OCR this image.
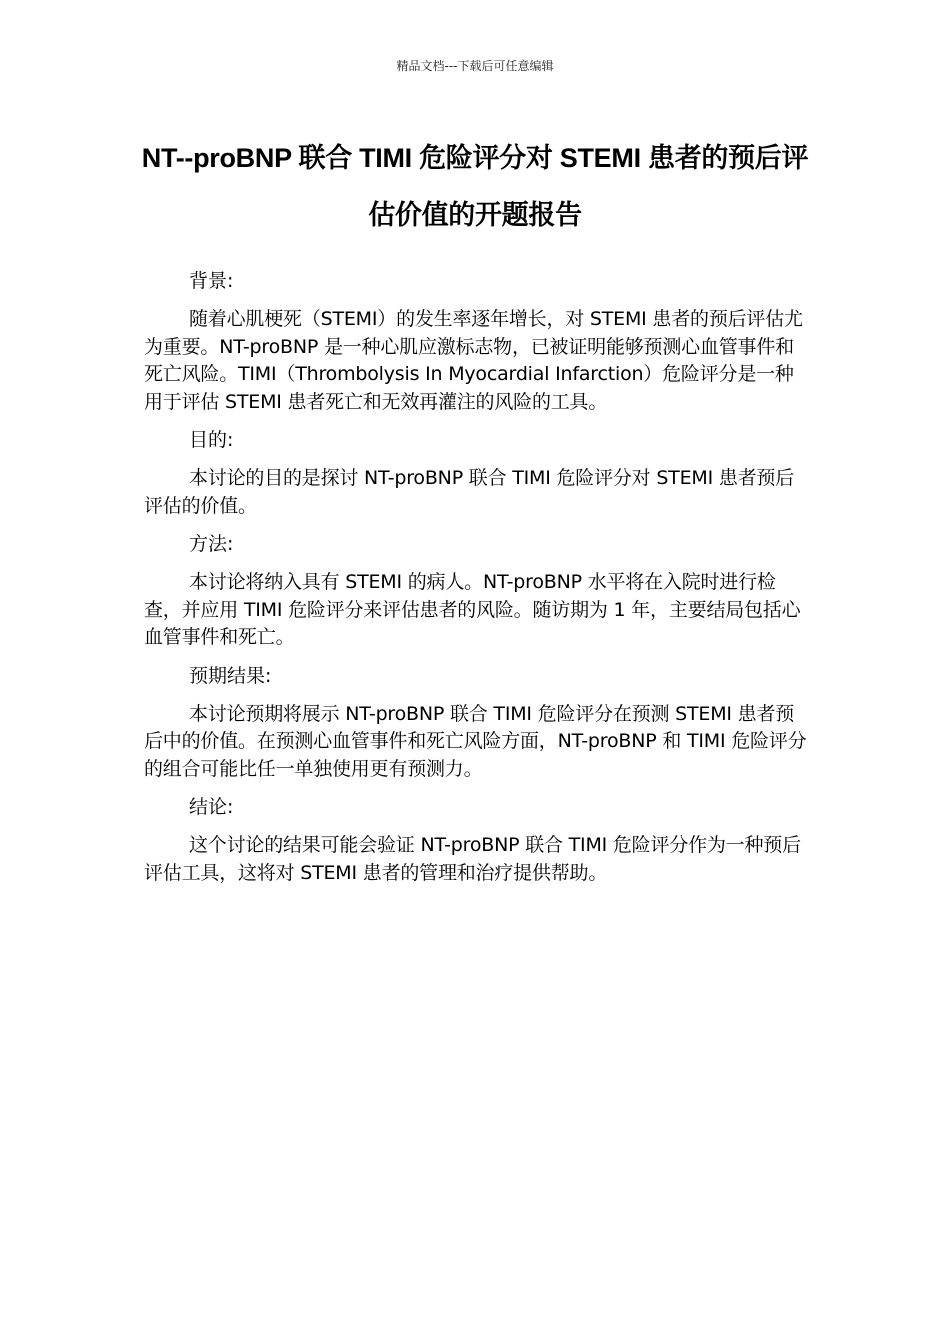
精品文档---下载后可任意编辑
NT--proBNP 联合 TIMI 危险评分对 STEMI 患者的预后评估价值的开题报告

背景:

随着心肌梗死（STEMI）的发生率逐年增长，对 STEMI 患者的预后评估尤为重要。NT-proBNP 是一种心肌应激标志物，已被证明能够预测心血管事件和死亡风险。TIMI（Thrombolysis In Myocardial Infarction）危险评分是一种用于评估 STEMI 患者死亡和无效再灌注的风险的工具。

目的:

本讨论的目的是探讨 NT-proBNP 联合 TIMI 危险评分对 STEMI 患者预后评估的价值。

方法:

本讨论将纳入具有 STEMI 的病人。NT-proBNP 水平将在入院时进行检查，并应用 TIMI 危险评分来评估患者的风险。随访期为 1 年，主要结局包括心血管事件和死亡。

预期结果:

本讨论预期将展示 NT-proBNP 联合 TIMI 危险评分在预测 STEMI 患者预后中的价值。在预测心血管事件和死亡风险方面，NT-proBNP 和 TIMI 危险评分的组合可能比任一单独使用更有预测力。

结论:

这个讨论的结果可能会验证 NT-proBNP 联合 TIMI 危险评分作为一种预后评估工具，这将对 STEMI 患者的管理和治疗提供帮助。
